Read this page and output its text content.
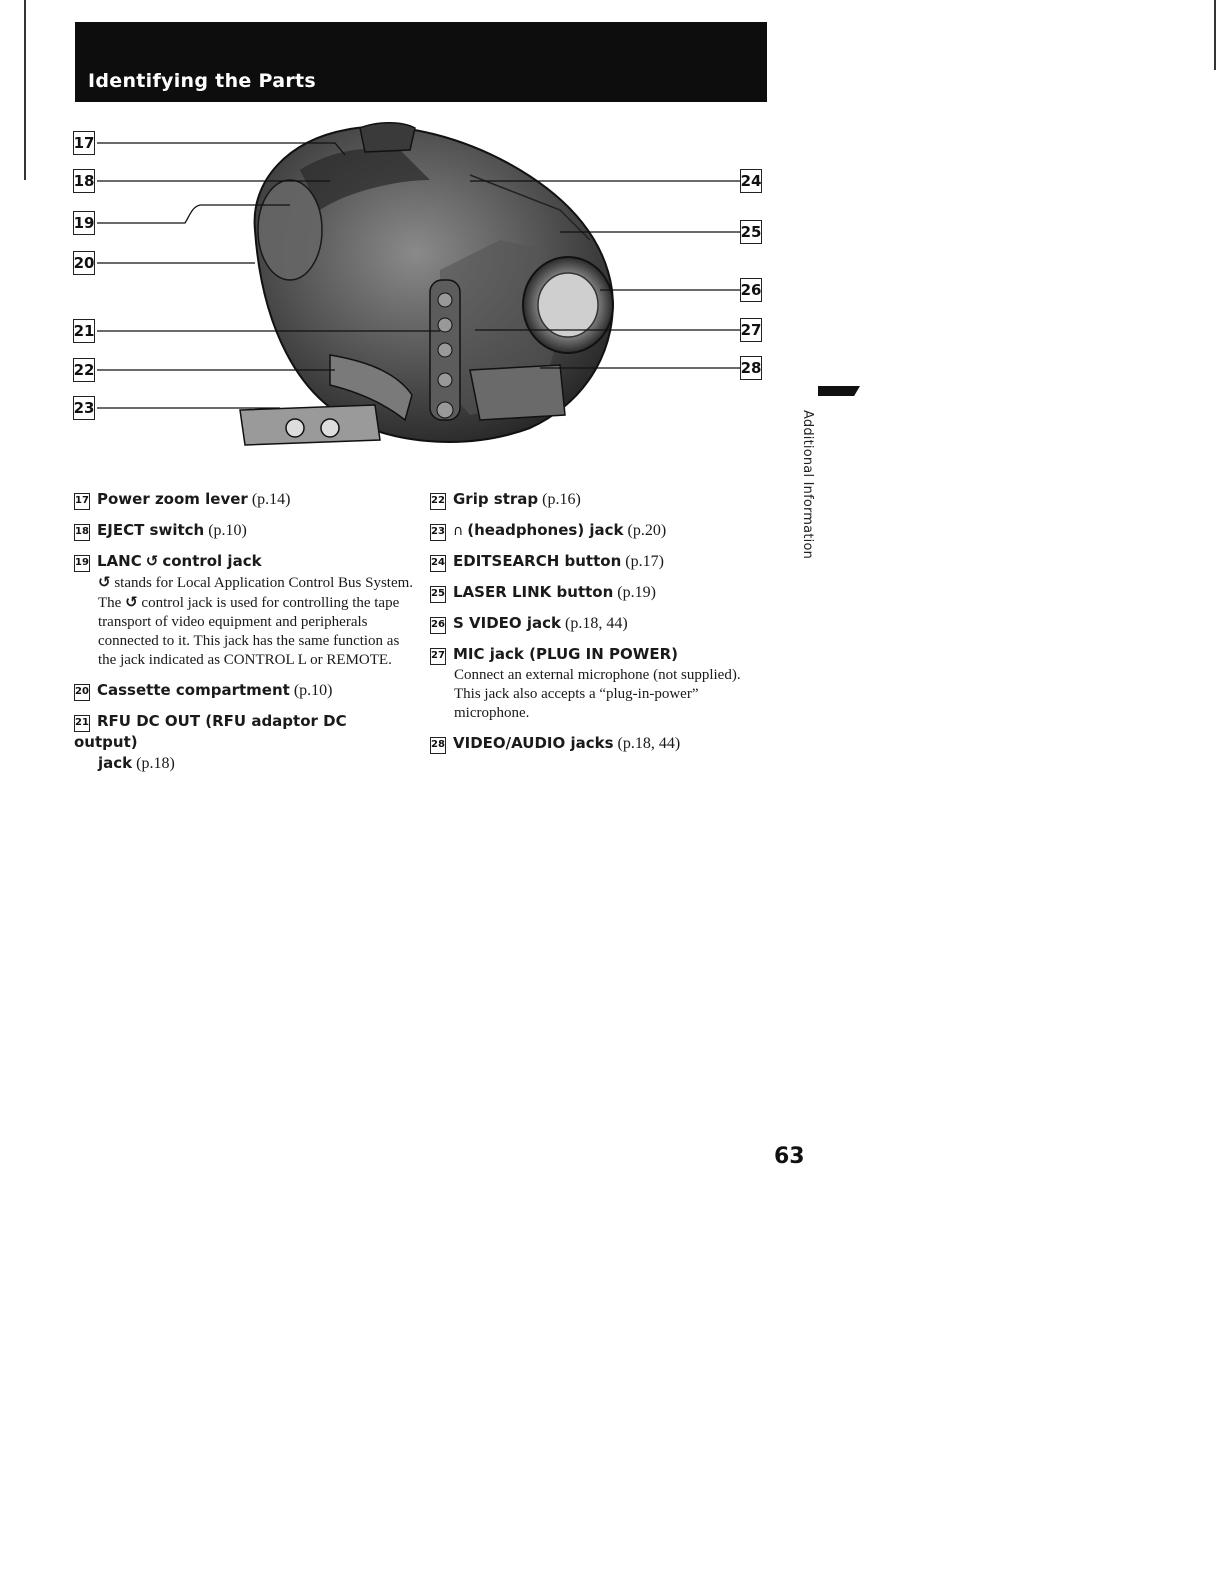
Identifying the Parts
17
18
19
20
21
22
23
24
25
26
27
28
17 Power zoom lever (p.14)
18 EJECT switch (p.10)
19 LANC ↺ control jack
↺ stands for Local Application Control Bus System. The ↺ control jack is used for controlling the tape transport of video equipment and peripherals connected to it. This jack has the same function as the jack indicated as CONTROL L or REMOTE.
20 Cassette compartment (p.10)
21 RFU DC OUT (RFU adaptor DC output)
jack (p.18)
22 Grip strap (p.16)
23 ∩ (headphones) jack (p.20)
24 EDITSEARCH button (p.17)
25 LASER LINK button (p.19)
26 S VIDEO jack (p.18, 44)
27 MIC jack (PLUG IN POWER)
Connect an external microphone (not supplied). This jack also accepts a “plug-in-power” microphone.
28 VIDEO/AUDIO jacks (p.18, 44)
Additional Information
63
